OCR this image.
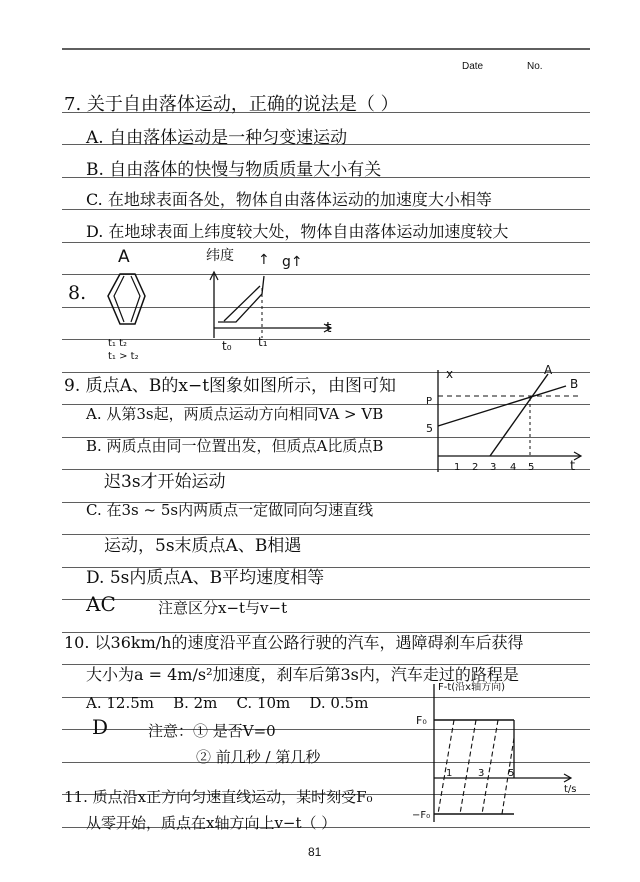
Date	No.
7. 关于自由落体运动，正确的说法是（ ）
A. 自由落体运动是一种匀变速运动
B. 自由落体的快慢与物质质量大小有关
C. 在地球表面各处，物体自由落体运动的加速度大小相等
D. 在地球表面上纬度较大处，物体自由落体运动加速度较大
8.
A
t₁ t₂
t₁ > t₂
纬度 ↑ g↑
t
t₀ t₁
9. 质点A、B的x−t图象如图所示，由图可知
A. 从第3s起，两质点运动方向相同VA > VB
B. 两质点由同一位置出发，但质点A比质点B
迟3s才开始运动
C. 在3s ~ 5s内两质点一定做同向匀速直线
运动，5s末质点A、B相遇
D. 5s内质点A、B平均速度相等
AC	注意区分x−t与v−t
x
t
P
5
A
B
1 2 3 4 5
10. 以36km/h的速度沿平直公路行驶的汽车，遇障碍刹车后获得
大小为a = 4m/s²加速度，刹车后第3s内，汽车走过的路程是
A. 12.5m    B. 2m    C. 10m    D. 0.5m
D	注意：① 是否V=0
② 前几秒 / 第几秒
11. 质点沿x正方向匀速直线运动，某时刻受F₀
从零开始，质点在x轴方向上v−t（ ）
F-t(沿x轴方向)
t/s
F₀
−F₀
1	3 5
81
